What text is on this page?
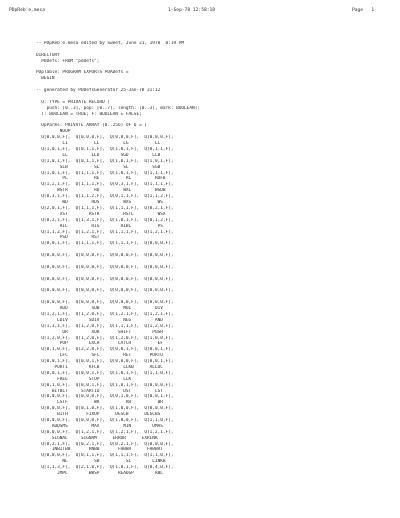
PDpReb'e.mesa

	1-Sep-78 12:58:18

	Page 1

-- PDpReb'e.mesa edited by Sweet, June 21, 1978  8:19 PM
DIRECTORY
PDDefs: FROM "pddefs";
PDpTable: PROGRAM EXPORTS PDADefs =
BEGIN
-- generated by PDDefsGenerator 25-Jan-78 21:12
Q: TYPE = PRIVATE RECORD [
push: [0..3], pop: [0..7], length: [0..3], mark: BOOLEAN];
T: BOOLEAN = TRUE; F: BOOLEAN = FALSE;
OpParms: PRIVATE ARRAY [0..256) OF Q = [
NOOP
Q[0,0,0,F],  Q[0,0,0,F],  Q[0,0,0,F],  Q[0,0,0,F],
LI          LL         LG          LL
Q[1,0,1,F],  Q[0,1,1,F],  Q[1,0,1,F],  Q[0,1,1,F],
LL         LLD        SGD         LLB
Q[1,0,1,F],  Q[0,1,1,F],  Q[1,0,1,F],  Q[1,0,1,F],
SLB          SL         SL         SGB
Q[1,0,1,F],  Q[1,1,1,F],  Q[1,0,1,F],  Q[1,1,1,F],
PL          RE          RL         RDFB
Q[1,2,1,F],  Q[1,1,1,F],  Q[0,3,1,F],  Q[1,1,1,F],
WSTR          RD         WXL         WSDB
Q[0,3,1,F],  Q[1,1,2,F],  Q[0,1,1,F],  Q[1,1,2,F],
WD         RDS         WXS          WS
Q[2,0,1,F],  Q[1,1,1,F],  Q[1,1,1,F],  Q[0,2,1,F],
XST        RSTR         RSTL         WSX
Q[0,2,1,F],  Q[1,3,1,F],  Q[1,0,1,F],  Q[0,1,2,F],
RIL         RIG        RIBL          PS
Q[1,1,2,F],  Q[1,2,1,F],  Q[1,1,1,F],  Q[1,2,1,F],
PSD         RST
Q[0,0,1,F],  Q[1,1,1,F],  Q[1,1,1,F],  Q[0,0,0,F],
Q[0,0,0,F],  Q[0,0,0,F],  Q[0,0,0,F],  Q[0,0,0,F],
Q[0,0,0,F],  Q[0,0,0,F],  Q[0,0,0,F],  Q[0,0,0,F],
Q[0,0,0,F],  Q[0,0,0,F],  Q[0,0,0,F],  Q[0,0,0,F],
Q[0,0,0,F],  Q[0,0,0,F],  Q[0,0,0,F],  Q[0,0,0,F],
Q[0,0,0,F],  Q[0,0,0,F],  Q[0,0,0,F],  Q[0,0,0,F],
ADD         SUB         MUL         DIV
Q[1,2,1,F],  Q[1,2,0,F],  Q[1,2,1,F],  Q[1,2,1,F],
LDIV        SDIV         NEG         AND
Q[1,3,1,F],  Q[1,2,0,F],  Q[1,1,1,F],  Q[1,2,0,F],
OR         XOR       SHIFT        PUSH
Q[1,2,0,F],  Q[1,2,0,F],  Q[1,2,0,F],  Q[1,0,0,F],
POP        EXCH       CATCH          EF
Q[0,1,0,F],  Q[2,2,0,F],  Q[0,0,1,F],  Q[0,0,1,F],
LFC         SFC         RET       PORTO
Q[0,0,1,F],  Q[0,0,1,F],  Q[0,0,0,F],  Q[0,0,1,F],
PORTI        KFCB         LLKB      ALLOC
Q[0,0,1,F],  Q[0,0,1,F],  Q[1,0,1,F],  Q[1,1,0,F],
FREE        STOP         LLK
Q[0,1,0,F],  Q[0,0,1,F],  Q[1,0,1,F],  Q[0,0,0,F],
BITBLT     STARTIO         DST         LST
Q[0,0,0,F],  Q[0,0,0,F],  Q[0,1,0,F],  Q[0,0,1,F],
LSTF          WR          RR          BR
Q[0,0,0,F],  Q[0,1,0,F],  Q[1,0,0,F],  Q[0,0,0,F],
BITH       FIXUP      DESCB      DESCBS
Q[0,0,0,F],  Q[0,0,0,F],  Q[1,0,0,F],  Q[1,1,0,F],
ADDSMS         MAX         MIN        UMAS
Q[0,0,0,F],  Q[1,2,1,F],  Q[1,2,1,F],  Q[1,2,1,F],
SIGNAL     SIGNAM      ERROR      EXRLNK
Q[0,2,1,F],  Q[0,2,1,F],  Q[0,2,1,F],  Q[0,0,0,F],
INBITBB       RNBB       FHBBR      FHBBRT
Q[0,0,0,F],  Q[0,1,1,F],  Q[1,1,1,F],  Q[1,1,0,F],
NL          SB          SL        LINKB
Q[1,1,3,F],  Q[2,1,0,F],  Q[1,0,1,F],  Q[0,4,0,F],
JMPL        WBSP       READGP        RBL
